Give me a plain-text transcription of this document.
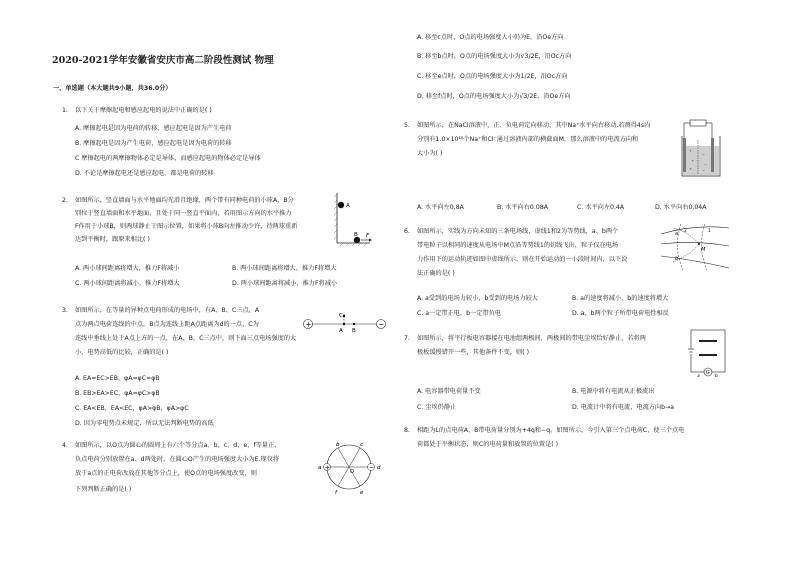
2020-2021学年安徽省安庆市高二阶段性测试 物理
一、单选题（本大题共9小题，共36.0分）
1. 以下关于摩擦起电和感应起电的说法中正确的是( )
A. 摩擦起电是因为电荷的转移，感应起电是因为产生电荷
B. 摩擦起电是因为产生电荷，感应起电是因为电荷的转移
C 摩擦起电的两摩擦物体必定是导体，而感应起电的物体必定是导体
D. 不论是摩擦起电还是感应起电，都是电荷的转移
2. 如图所示，竖直墙面与水平地面均光滑且绝缘，两个带有同种电荷的小球A、B分
别位于竖直墙面和水平地面，且处于同一竖直平面内，若用图示方向的水平推力
F作用于小球B，则两球静止于图示位置，如果将小球B向左推动少许，待两球重新
达到平衡时，跟原来相比( )
A. 两小球间距离将增大，推力F将减小	B. 两小球间距离将增大，推力F将增大
C. 两小球间距离将减小，推力F将增大	D. 两小球间距离将减小，推力F将减小
A
B F
3. 如图所示，在等量的异种点电荷形成的电场中，有A、B、C三点，A
点为两点电荷连线的中点，B点为连线上距A点距离为d的一点，C为
连线中垂线上处于A点上方的一点，在A、B、C三点中，则下面三点电场强度的大
小、电势高低的比较，正确的是( )
A. EA=EC>EB，φA=φC=φB
B. EB>EA>EC，φA=φC>φB
C. EA<EB，EA<EC，φA>φB，φA>φC
D. 因为零电势点未规定，所以无法判断电势的高低
+	−
C
A B
4. 如图所示，以O点为圆心的圆周上有六个等分点a、b、c、d、e、f等量正、
负点电荷分别放置在a、d两处时，在圆心O产生的电场强度大小为E.现仅将
放于a点的正电荷改放在其他等分点上，使O点的电场强度改变，则
下列判断正确的是( )
+	−
a
b	c
d
e
f
O
A. 移至c点时，O点的电场强度大小仍为E，沿Oe方向
B. 移至b点时，O点的电场强度大小为√3/2E，沿Oc方向
C. 移至e点时，O点的电场强度大小为1/2E，沿Oc方向
D. 移至f点时，O点的电场强度大小为√3/2E，沿Oe方向
5. 如图所示，在NaCl溶液中，正、负电荷定向移动，其中Na⁺水平向右移动.若测得4s内
分别有1.0×10¹⁸个Na⁺和Cl⁻通过溶液内部的横截面M，那么溶液中的电流方向和
大小为( )
A. 水平向左0.8A	B. 水平向右0.08A	C. 水平向左0.4A	D. 水平向右0.04A
+
−
+
−
+	−
6. 如图所示，实线为方向未知的三条电场线，虚线1和2为等势线，a、b两个
带电粒子以相同的速度从电场中M点沿等势线1的切线飞出，粒子仅在电场
力作用下的运动轨迹如图中虚线所示，则在开始运动的一小段时间内，以下说
法正确的是( )
A. a受到的电场力较小，b受到的电场力较大	B. a的速度将减小，b的速度将增大
C. a一定带正电，b一定带负电	D. a、b两个粒子所带电荷电性相反
a
b
M
1
2
7. 如图所示，将平行板电容器接在电池组两极间，两极间的带电尘埃恰好静止，若将两
极板缓慢错开一些，其他条件不变，则( )
A. 电容器带电荷量不变	B. 电源中将有电流从正极流出
C. 尘埃仍静止	D. 电流计中将有电流，电流方向b→a
G
a	b
8. 相距为L的点电荷A、B带电荷量分别为+4q和−q，如图所示，今引入第三个点电荷C，使三个点电
荷都处于平衡状态，则C的电荷量和放置的位置是( )
